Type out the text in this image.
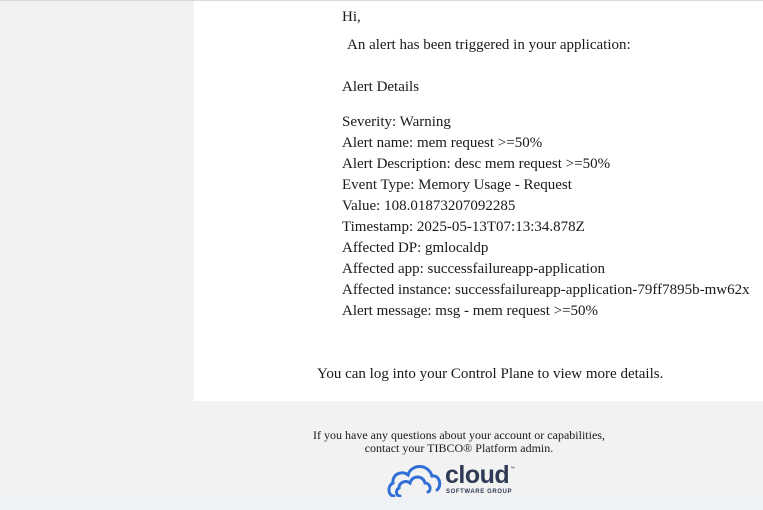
Hi,
An alert has been triggered in your application:
Alert Details
Severity: Warning
Alert name: mem request >=50%
Alert Description: desc mem request >=50%
Event Type: Memory Usage - Request
Value: 108.01873207092285
Timestamp: 2025-05-13T07:13:34.878Z
Affected DP: gmlocaldp
Affected app: successfailureapp-application
Affected instance: successfailureapp-application-79ff7895b-mw62x
Alert message: msg - mem request >=50%
You can log into your Control Plane to view more details.
If you have any questions about your account or capabilities,
contact your TIBCO® Platform admin.
cloud ™
SOFTWARE GROUP
